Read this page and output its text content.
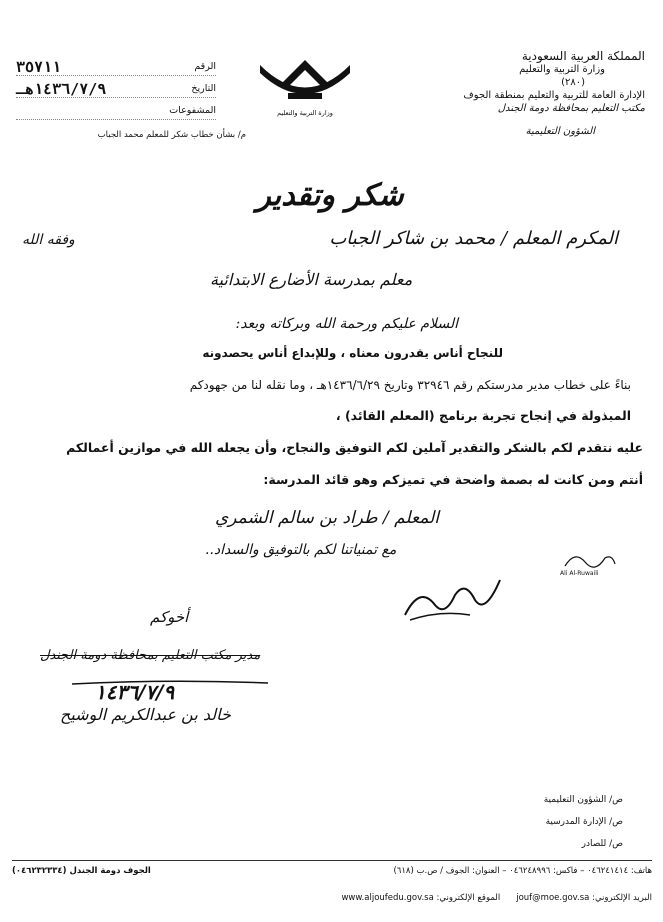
المملكة العربية السعودية
وزارة التربية والتعليم
(٢٨٠)
الإدارة العامة للتربية والتعليم بمنطقة الجوف
مكتب التعليم بمحافظة دومة الجندل
الشؤون التعليمية
وزارة التربية والتعليم
الرقم
٣٥٧١١
التاريخ
١٤٣٦/٧/٩هـ
المشفوعات
م/ بشأن خطاب شكر للمعلم محمد الجباب
شكر وتقدير
المكرم المعلم / محمد بن شاكر الجباب
وفقه الله
معلم بمدرسة الأضارع الابتدائية
السلام عليكم ورحمة الله وبركاته وبعد:
للنجاح أناس يقدرون معناه ، وللإبداع أناس يحصدونه
بناءً على خطاب مدير مدرستكم رقم ٣٢٩٤٦ وتاريخ ١٤٣٦/٦/٢٩هـ ، وما نقله لنا من جهودكم
المبذولة في إنجاح تجربة برنامج (المعلم القائد) ،
عليه نتقدم لكم بالشكر والتقدير آملين لكم التوفيق والنجاح، وأن يجعله الله في موازين أعمالكم
أنتم ومن كانت له بصمة واضحة في تميزكم وهو قائد المدرسة:
المعلم / طراد بن سالم الشمري
مع تمنياتنا لكم بالتوفيق والسداد..
Ali Al-Ruwaili
أخوكم
مدير مكتب التعليم بمحافظة دومة الجندل
١٤٣٦/٧/٩
خالد بن عبدالكريم الوشيح
ص/ الشؤون التعليمية
ص/ الإدارة المدرسية
ص/ للصادر
هاتف: ٠٤٦٢٤١٤١٤ – فاكس: ٠٤٦٢٤٨٩٩٦ – العنوان: الجوف / ص.ب (٦١٨)
الجوف دومة الجندل (٠٤٦٢٣٢٣٣٤)
البريد الإلكتروني: jouf@moe.gov.sa
الموقع الإلكتروني: www.aljoufedu.gov.sa
